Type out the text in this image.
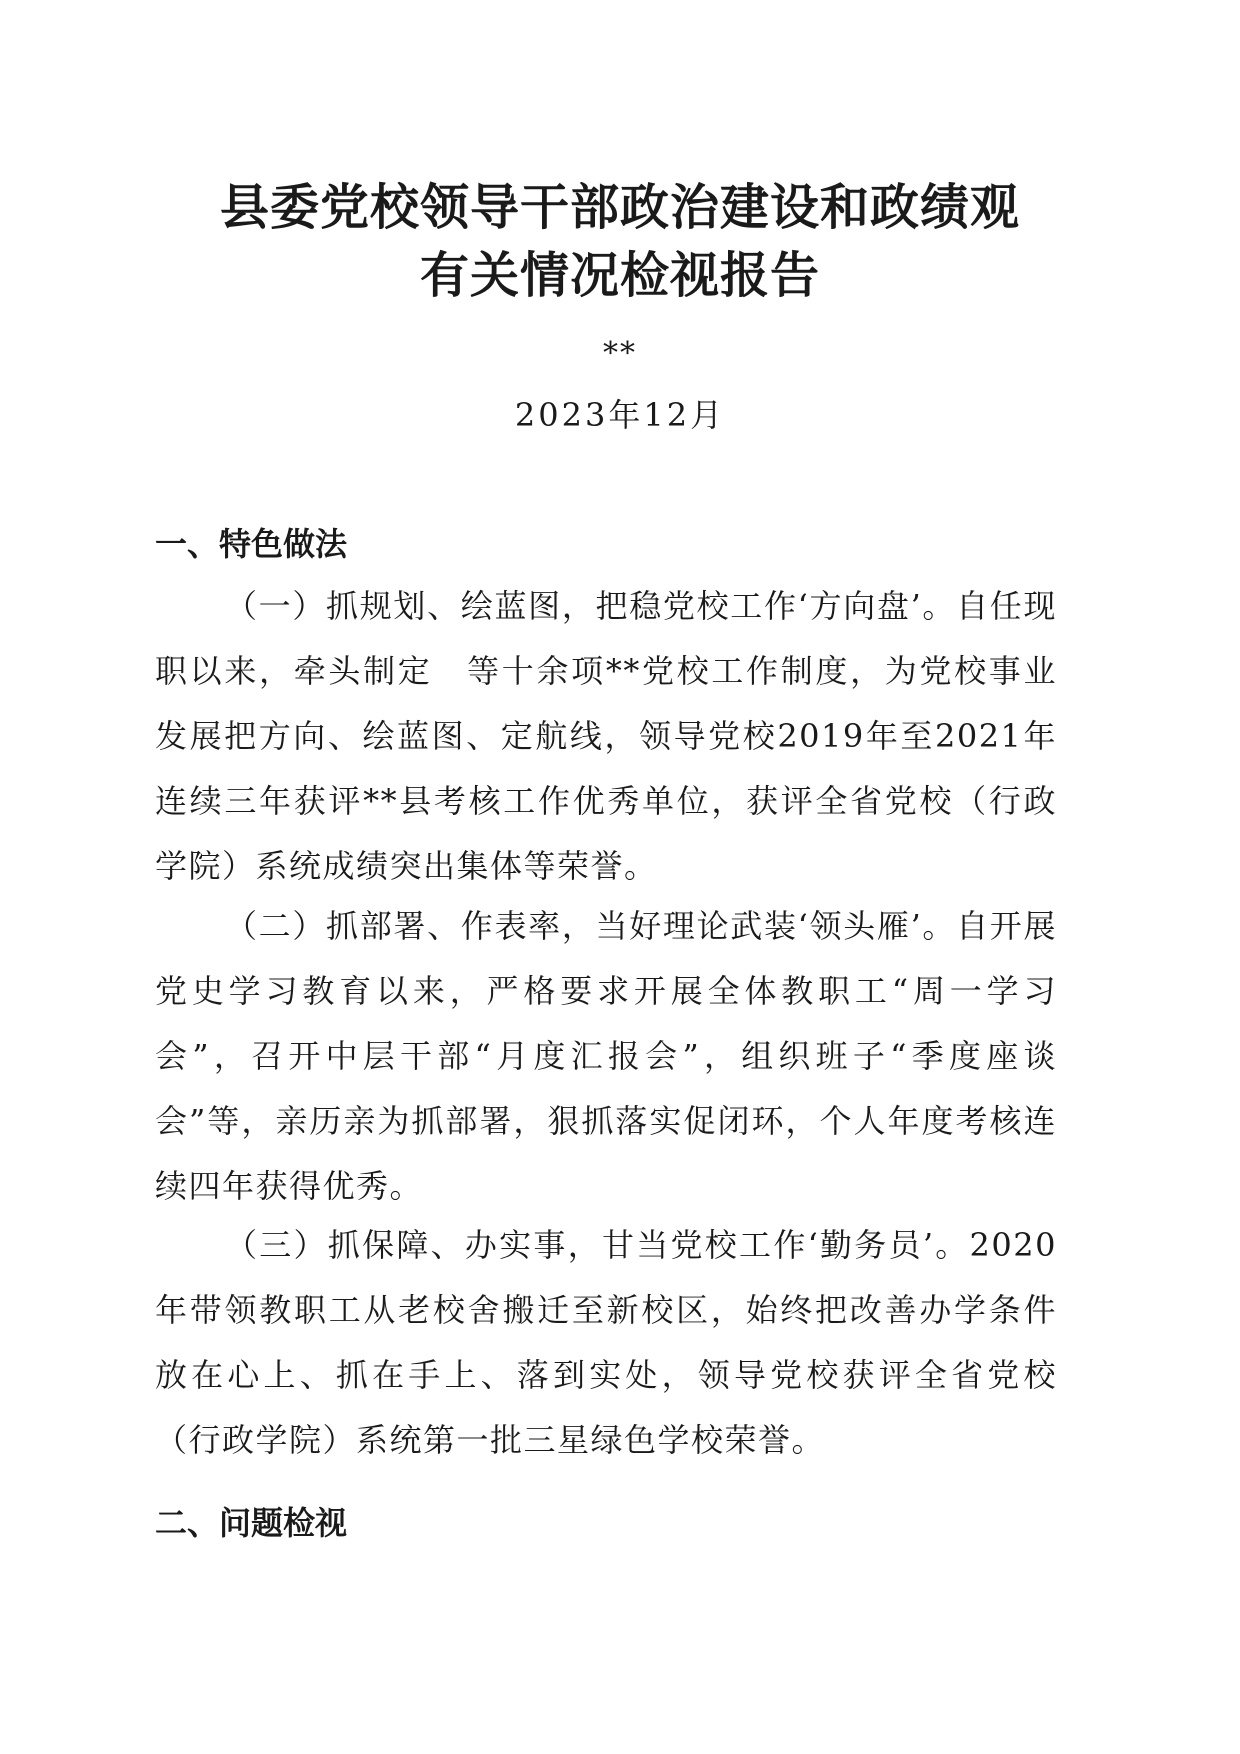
县委党校领导干部政治建设和政绩观
有关情况检视报告
**
2023年12月
一、特色做法

（一）抓规划、绘蓝图，把稳党校工作‘方向盘’。自任现职以来，牵头制定　等十余项**党校工作制度，为党校事业发展把方向、绘蓝图、定航线，领导党校2019年至2021年连续三年获评**县考核工作优秀单位，获评全省党校（行政学院）系统成绩突出集体等荣誉。

（二）抓部署、作表率，当好理论武装‘领头雁’。自开展党史学习教育以来，严格要求开展全体教职工“周一学习会”，召开中层干部“月度汇报会”，组织班子“季度座谈会”等，亲历亲为抓部署，狠抓落实促闭环，个人年度考核连续四年获得优秀。

（三）抓保障、办实事，甘当党校工作‘勤务员’。2020年带领教职工从老校舍搬迁至新校区，始终把改善办学条件放在心上、抓在手上、落到实处，领导党校获评全省党校（行政学院）系统第一批三星绿色学校荣誉。

二、问题检视
